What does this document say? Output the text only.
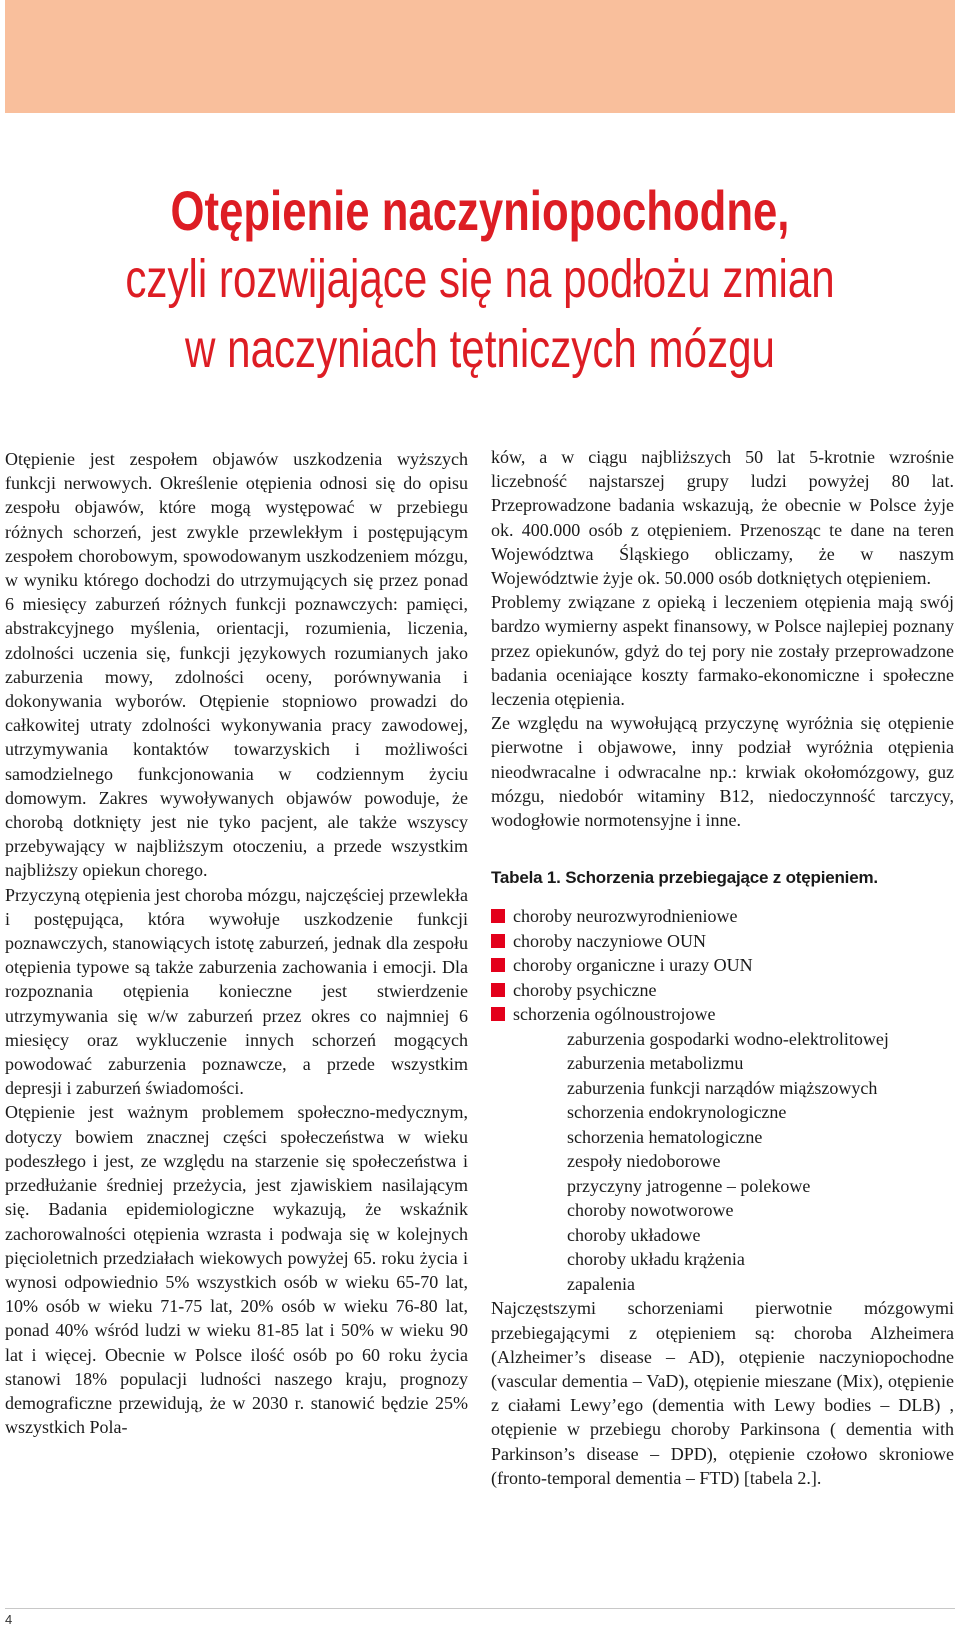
Otępienie naczyniopochodne,
czyli rozwijające się na podłożu zmian
w naczyniach tętniczych mózgu

Otępienie jest zespołem objawów uszkodzenia wyższych funkcji nerwowych. Określenie otępienia odnosi się do opisu zespołu objawów, które mogą występować w przebiegu różnych schorzeń, jest zwykle przewlekłym i postępującym zespołem chorobowym, spowodowanym uszkodzeniem mózgu, w wyniku którego dochodzi do utrzymujących się przez ponad 6 miesięcy zaburzeń różnych funkcji poznawczych: pamięci, abstrakcyjnego myślenia, orientacji, rozumienia, liczenia, zdolności uczenia się, funkcji językowych rozumianych jako zaburzenia mowy, zdolności oceny, porównywania i dokonywania wyborów. Otępienie stopniowo prowadzi do całkowitej utraty zdolności wykonywania pracy zawodowej, utrzymywania kontaktów towarzyskich i możliwości samodzielnego funkcjonowania w codziennym życiu domowym. Zakres wywoływanych objawów powoduje, że chorobą dotknięty jest nie tyko pacjent, ale także wszyscy przebywający w najbliższym otoczeniu, a przede wszystkim najbliższy opiekun chorego.

Przyczyną otępienia jest choroba mózgu, najczęściej przewlekła i postępująca, która wywołuje uszkodzenie funkcji poznawczych, stanowiących istotę zaburzeń, jednak dla zespołu otępienia typowe są także zaburzenia zachowania i emocji. Dla rozpoznania otępienia konieczne jest stwierdzenie utrzymywania się w/w zaburzeń przez okres co najmniej 6 miesięcy oraz wykluczenie innych schorzeń mogących powodować zaburzenia poznawcze, a przede wszystkim depresji i zaburzeń świadomości.

Otępienie jest ważnym problemem społeczno-medycznym, dotyczy bowiem znacznej części społeczeństwa w wieku podeszłego i jest, ze względu na starzenie się społeczeństwa i przedłużanie średniej przeżycia, jest zjawiskiem nasilającym się. Badania epidemiologiczne wykazują, że wskaźnik zachorowalności otępienia wzrasta i podwaja się w kolejnych pięcioletnich przedziałach wiekowych powyżej 65. roku życia i wynosi odpowiednio 5% wszystkich osób w wieku 65-70 lat, 10% osób w wieku 71-75 lat, 20% osób w wieku 76-80 lat, ponad 40% wśród ludzi w wieku 81-85 lat i 50% w wieku 90 lat i więcej. Obecnie w Polsce ilość osób po 60 roku życia stanowi 18% populacji ludności naszego kraju, prognozy demograficzne przewidują, że w 2030 r. stanowić będzie 25% wszystkich Pola-

ków, a w ciągu najbliższych 50 lat 5-krotnie wzrośnie liczebność najstarszej grupy ludzi powyżej 80 lat. Przeprowadzone badania wskazują, że obecnie w Polsce żyje ok. 400.000 osób z otępieniem. Przenosząc te dane na teren Województwa Śląskiego obliczamy, że w naszym Województwie żyje ok. 50.000 osób dotkniętych otępieniem.

Problemy związane z opieką i leczeniem otępienia mają swój bardzo wymierny aspekt finansowy, w Polsce najlepiej poznany przez opiekunów, gdyż do tej pory nie zostały przeprowadzone badania oceniające koszty farmako-ekonomiczne i społeczne leczenia otępienia.

Ze względu na wywołującą przyczynę wyróżnia się otępienie pierwotne i objawowe, inny podział wyróżnia otępienia nieodwracalne i odwracalne np.: krwiak okołomózgowy, guz mózgu, niedobór witaminy B12, niedoczynność tarczycy, wodogłowie normotensyjne i inne.

Tabela 1. Schorzenia przebiegające z otępieniem.
choroby neurozwyrodnieniowe
choroby naczyniowe OUN
choroby organiczne i urazy OUN
choroby psychiczne
schorzenia ogólnoustrojowe
zaburzenia gospodarki wodno-elektrolitowej
zaburzenia metabolizmu
zaburzenia funkcji narządów miąższowych
schorzenia endokrynologiczne
schorzenia hematologiczne
zespoły niedoborowe
przyczyny jatrogenne – polekowe
choroby nowotworowe
choroby układowe
choroby układu krążenia
zapalenia

Najczęstszymi schorzeniami pierwotnie mózgowymi przebiegającymi z otępieniem są: choroba Alzheimera (Alzheimer’s disease – AD), otępienie naczyniopochodne (vascular dementia – VaD), otępienie mieszane (Mix), otępienie z ciałami Lewy’ego (dementia with Lewy bodies – DLB) , otępienie w przebiegu choroby Parkinsona ( dementia with Parkinson’s disease – DPD), otępienie czołowo skroniowe (fronto-temporal dementia – FTD) [tabela 2.].

4
